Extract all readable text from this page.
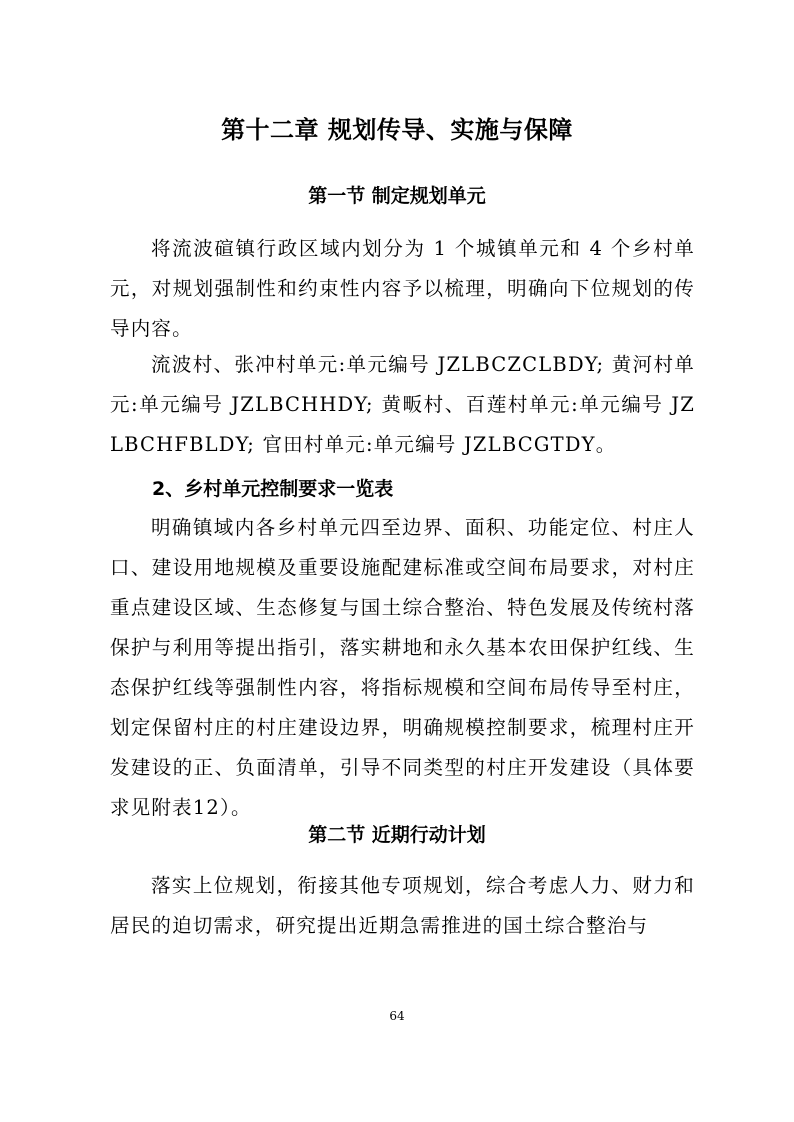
第十二章 规划传导、实施与保障
第一节 制定规划单元

将流波碹镇行政区域内划分为 1 个城镇单元和 4 个乡村单元，对规划强制性和约束性内容予以梳理，明确向下位规划的传导内容。

流波村、张冲村单元:单元编号 JZLBCZCLBDY; 黄河村单元:单元编号 JZLBCHHDY; 黄畈村、百莲村单元:单元编号 JZLBCHFBLDY; 官田村单元:单元编号 JZLBCGTDY。

2、乡村单元控制要求一览表

明确镇域内各乡村单元四至边界、面积、功能定位、村庄人口、建设用地规模及重要设施配建标准或空间布局要求，对村庄重点建设区域、生态修复与国土综合整治、特色发展及传统村落保护与利用等提出指引，落实耕地和永久基本农田保护红线、生态保护红线等强制性内容，将指标规模和空间布局传导至村庄，划定保留村庄的村庄建设边界，明确规模控制要求，梳理村庄开发建设的正、负面清单，引导不同类型的村庄开发建设（具体要求见附表12）。

第二节 近期行动计划

落实上位规划，衔接其他专项规划，综合考虑人力、财力和居民的迫切需求，研究提出近期急需推进的国土综合整治与

64
